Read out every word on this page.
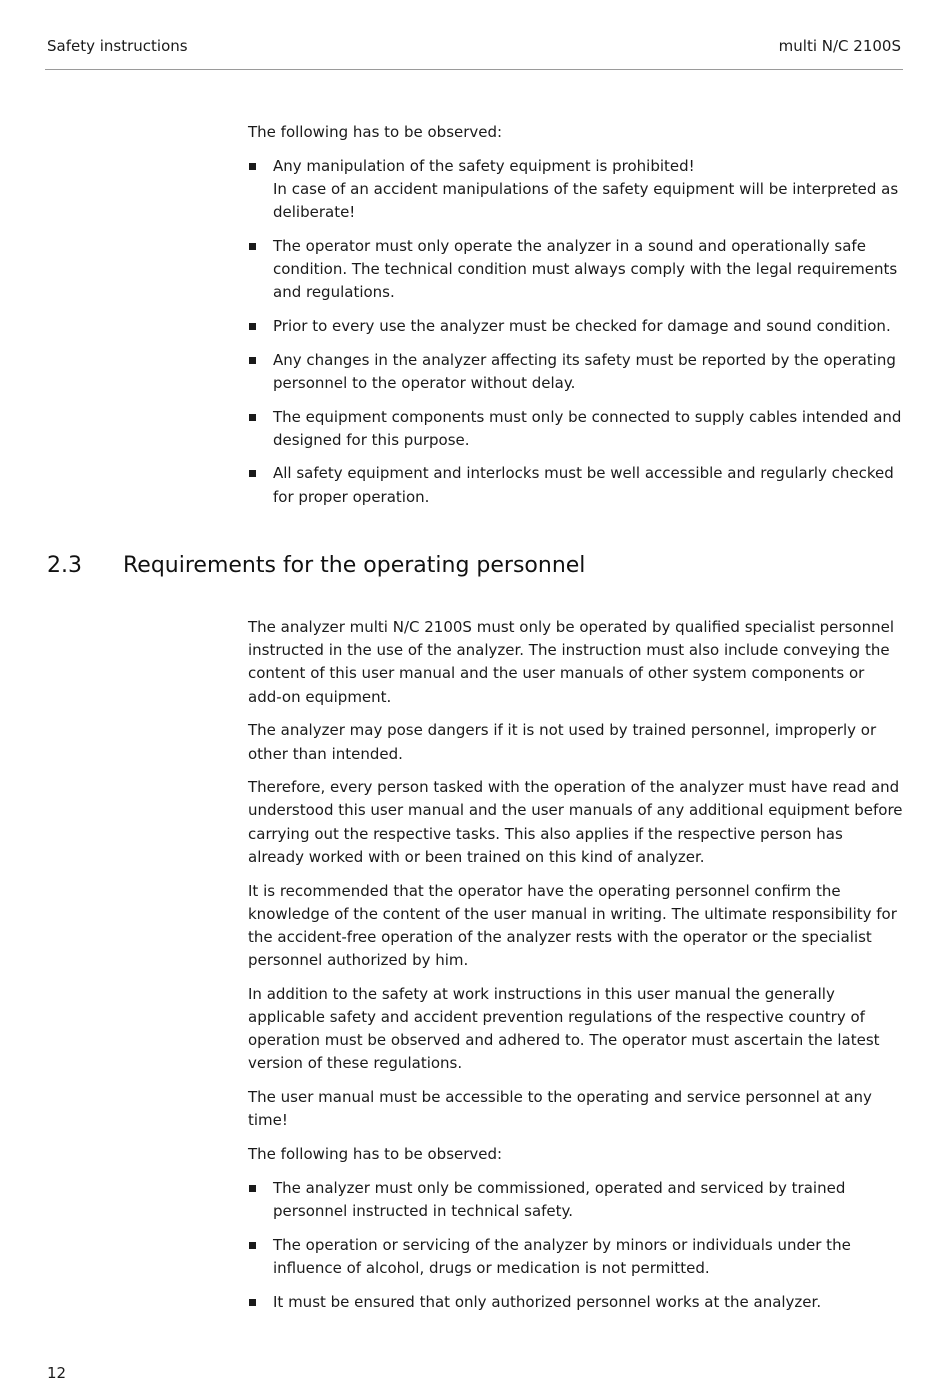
Safety instructions	multi N/C 2100S

The following has to be observed:

Any manipulation of the safety equipment is prohibited!
In case of an accident manipulations of the safety equipment will be interpreted as deliberate!
The operator must only operate the analyzer in a sound and operationally safe condition. The technical condition must always comply with the legal requirements and regulations.
Prior to every use the analyzer must be checked for damage and sound condition.
Any changes in the analyzer affecting its safety must be reported by the operating personnel to the operator without delay.
The equipment components must only be connected to supply cables intended and designed for this purpose.
All safety equipment and interlocks must be well accessible and regularly checked for proper operation.
2.3 Requirements for the operating personnel

The analyzer multi N/C 2100S must only be operated by qualified specialist personnel instructed in the use of the analyzer. The instruction must also include conveying the content of this user manual and the user manuals of other system components or add-on equipment.

The analyzer may pose dangers if it is not used by trained personnel, improperly or other than intended.

Therefore, every person tasked with the operation of the analyzer must have read and understood this user manual and the user manuals of any additional equipment before carrying out the respective tasks. This also applies if the respective person has already worked with or been trained on this kind of analyzer.

It is recommended that the operator have the operating personnel confirm the knowledge of the content of the user manual in writing. The ultimate responsibility for the accident-free operation of the analyzer rests with the operator or the specialist personnel authorized by him.

In addition to the safety at work instructions in this user manual the generally applicable safety and accident prevention regulations of the respective country of operation must be observed and adhered to. The operator must ascertain the latest version of these regulations.

The user manual must be accessible to the operating and service personnel at any time!

The following has to be observed:

The analyzer must only be commissioned, operated and serviced by trained personnel instructed in technical safety.
The operation or servicing of the analyzer by minors or individuals under the influence of alcohol, drugs or medication is not permitted.
It must be ensured that only authorized personnel works at the analyzer.
12
